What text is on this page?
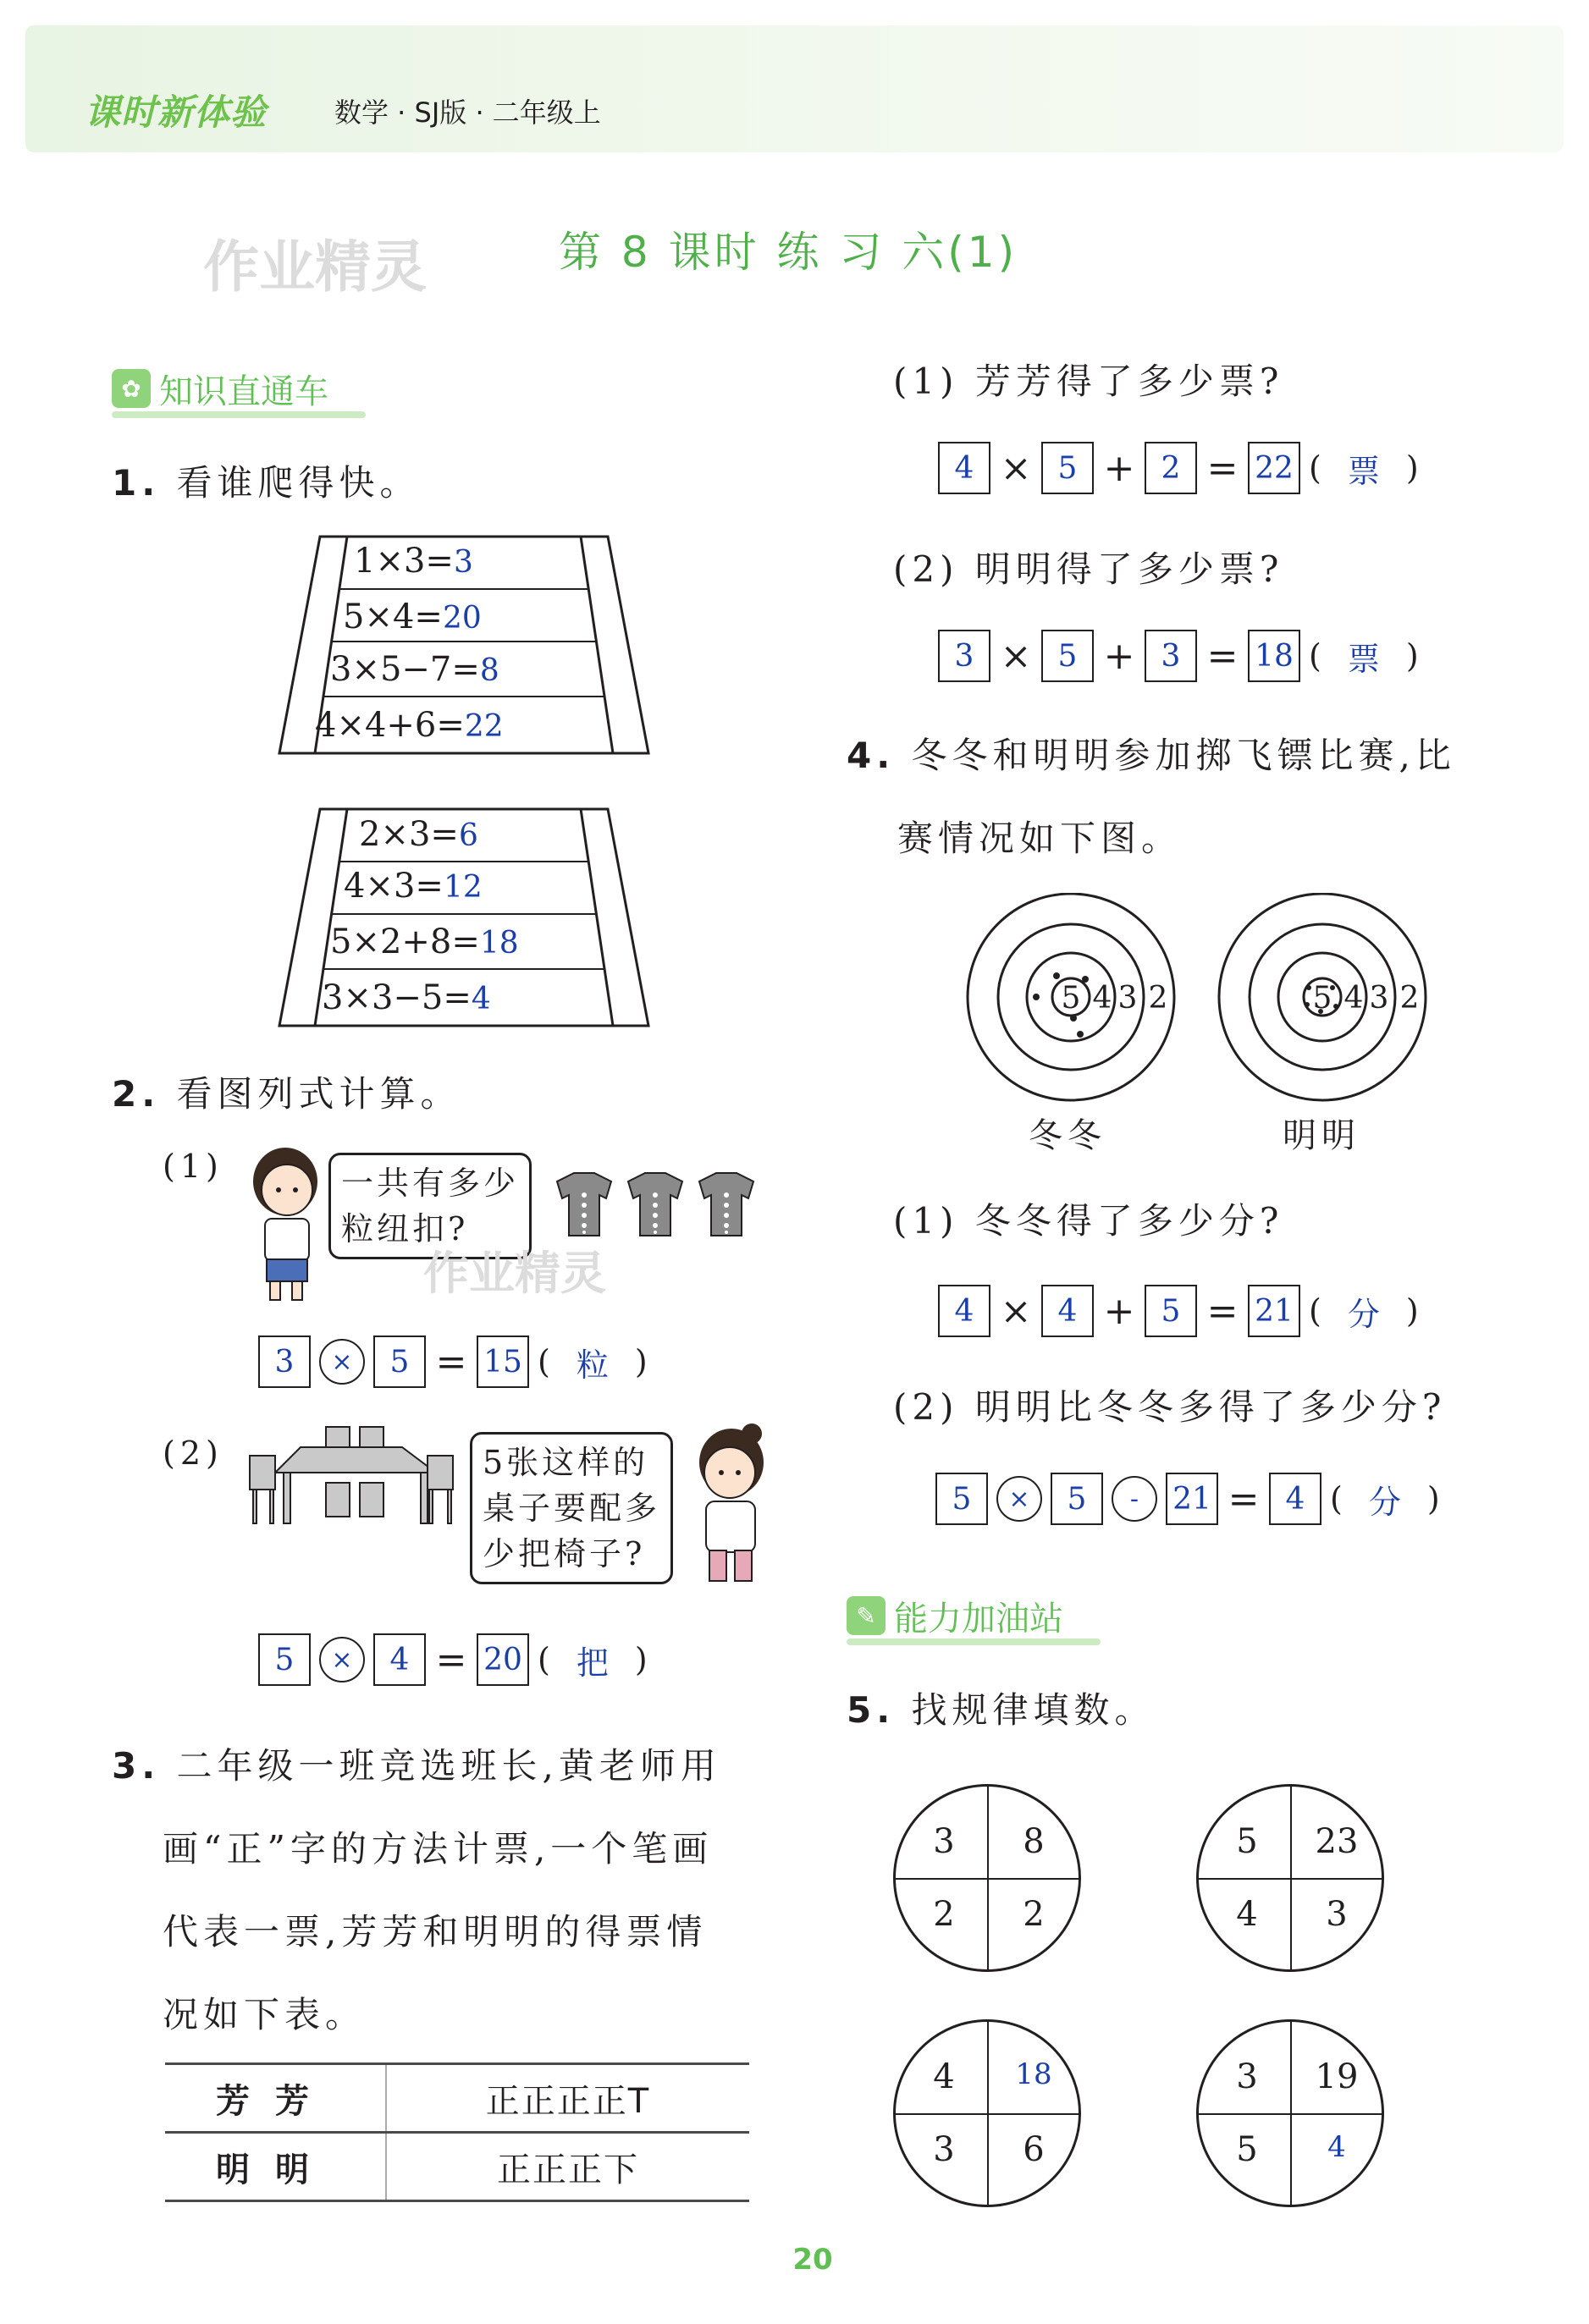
课时新体验 数学 · SJ版 · 二年级上
作业精灵	第 8 课时 练 习 六(1)
✿ 知识直通车
1. 看谁爬得快。
1×3=3
5×4=20
3×5−7=8
4×4+6=22
2×3=6
4×3=12
5×2+8=18
3×3−5=4
2. 看图列式计算。
(1)	一共有多少
粒纽扣?
作业精灵
3	×	5 = 15 ( 粒 )
(2)	5张这样的
桌子要配多
少把椅子?
5	×	4 = 20 ( 把 )
3. 二年级一班竞选班长,黄老师用
画“正”字的方法计票,一个笔画
代表一票,芳芳和明明的得票情
况如下表。
芳芳	正正正正T
明明	正正正下
(1) 芳芳得了多少票?
4 × 5 + 2 = 22 ( 票 )
(2) 明明得了多少票?
3 × 5 + 3 = 18 ( 票 )
4. 冬冬和明明参加掷飞镖比赛,比
赛情况如下图。
5 4 3 2	5 4 3 2
冬冬	明明
(1) 冬冬得了多少分?
4 × 4 + 5 = 21 ( 分 )
(2) 明明比冬冬多得了多少分?
5	×	5	-	21 = 4 ( 分 )
✎ 能力加油站
5. 找规律填数。
3	8
2	2
5	23
4	3
4	18
3	6
3	19
5	4
20
